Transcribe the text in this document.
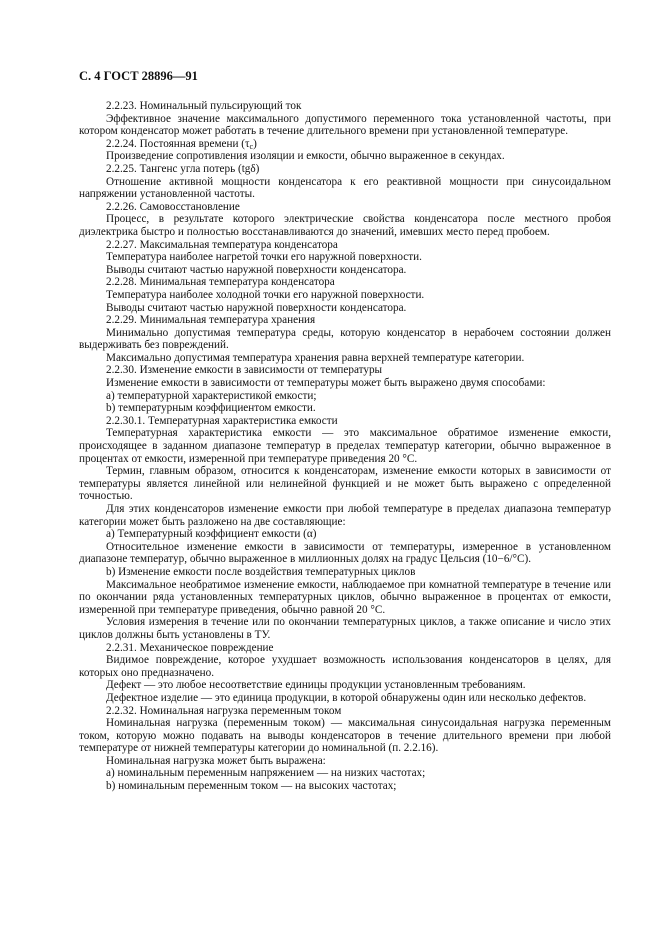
С. 4 ГОСТ 28896—91

2.2.23. Номинальный пульсирующий ток

Эффективное значение максимального допустимого переменного тока установленной частоты, при котором конденсатор может работать в течение длительного времени при установленной температуре.

2.2.24. Постоянная времени $(\tau_c)$

Произведение сопротивления изоляции и емкости, обычно выраженное в секундах.

2.2.25. Тангенс угла потерь (tgδ)

Отношение активной мощности конденсатора к его реактивной мощности при синусоидальном напряжении установленной частоты.

2.2.26. Самовосстановление

Процесс, в результате которого электрические свойства конденсатора после местного пробоя диэлектрика быстро и полностью восстанавливаются до значений, имевших место перед пробоем.

2.2.27. Максимальная температура конденсатора

Температура наиболее нагретой точки его наружной поверхности.

Выводы считают частью наружной поверхности конденсатора.

2.2.28. Минимальная температура конденсатора

Температура наиболее холодной точки его наружной поверхности.

Выводы считают частью наружной поверхности конденсатора.

2.2.29. Минимальная температура хранения

Минимально допустимая температура среды, которую конденсатор в нерабочем состоянии должен выдерживать без повреждений.

Максимально допустимая температура хранения равна верхней температуре категории.

2.2.30. Изменение емкости в зависимости от температуры

Изменение емкости в зависимости от температуры может быть выражено двумя способами:

а) температурной характеристикой емкости;

b) температурным коэффициентом емкости.

2.2.30.1. Температурная характеристика емкости

Температурная характеристика емкости — это максимальное обратимое изменение емкости, происходящее в заданном диапазоне температур в пределах температур категории, обычно выраженное в процентах от емкости, измеренной при температуре приведения 20 °С.

Термин, главным образом, относится к конденсаторам, изменение емкости которых в зависимости от температуры является линейной или нелинейной функцией и не может быть выражено с определенной точностью.

Для этих конденсаторов изменение емкости при любой температуре в пределах диапазона температур категории может быть разложено на две составляющие:

а) Температурный коэффициент емкости (α)

Относительное изменение емкости в зависимости от температуры, измеренное в установленном диапазоне температур, обычно выраженное в миллионных долях на градус Цельсия (10−6/°С).

b) Изменение емкости после воздействия температурных циклов

Максимальное необратимое изменение емкости, наблюдаемое при комнатной температуре в течение или по окончании ряда установленных температурных циклов, обычно выраженное в процентах от емкости, измеренной при температуре приведения, обычно равной 20 °С.

Условия измерения в течение или по окончании температурных циклов, а также описание и число этих циклов должны быть установлены в ТУ.

2.2.31. Механическое повреждение

Видимое повреждение, которое ухудшает возможность использования конденсаторов в целях, для которых оно предназначено.

Дефект — это любое несоответствие единицы продукции установленным требованиям.

Дефектное изделие — это единица продукции, в которой обнаружены один или несколько дефектов.

2.2.32. Номинальная нагрузка переменным током

Номинальная нагрузка (переменным током) — максимальная синусоидальная нагрузка переменным током, которую можно подавать на выводы конденсаторов в течение длительного времени при любой температуре от нижней температуры категории до номинальной (п. 2.2.16).

Номинальная нагрузка может быть выражена:

а) номинальным переменным напряжением — на низких частотах;

b) номинальным переменным током — на высоких частотах;
